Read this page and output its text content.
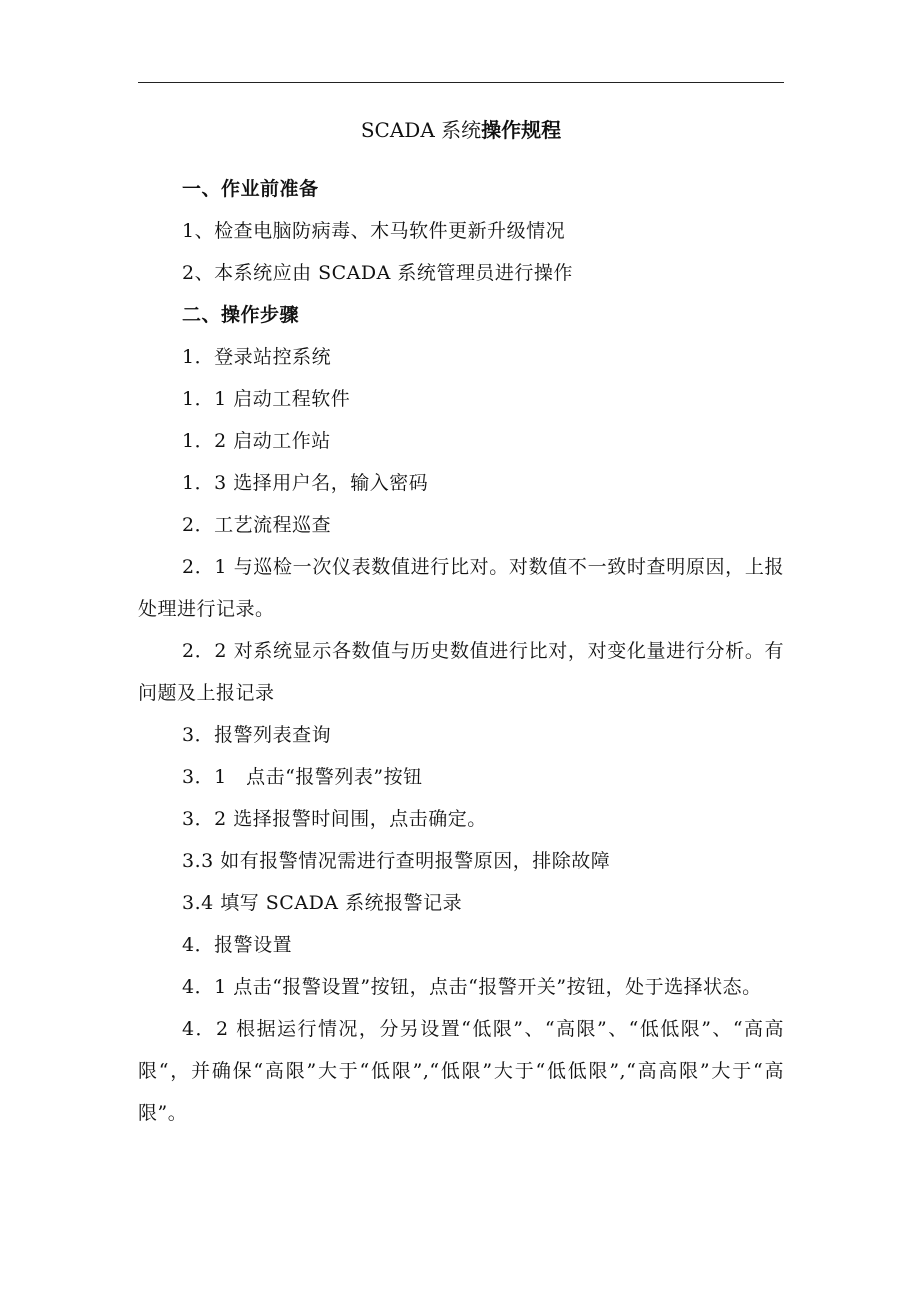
SCADA 系统操作规程
一、作业前准备
1、检查电脑防病毒、木马软件更新升级情况
2、本系统应由 SCADA 系统管理员进行操作
二、操作步骤
1．登录站控系统
1．1 启动工程软件
1．2 启动工作站
1．3 选择用户名，输入密码
2．工艺流程巡查
2．1 与巡检一次仪表数值进行比对。对数值不一致时查明原因，上报处理进行记录。
2．2 对系统显示各数值与历史数值进行比对，对变化量进行分析。有问题及上报记录
3．报警列表查询
3．1　点击“报警列表”按钮
3．2 选择报警时间围，点击确定。
3.3 如有报警情况需进行查明报警原因，排除故障
3.4 填写 SCADA 系统报警记录
4．报警设置
4．1 点击“报警设置”按钮，点击“报警开关”按钮，处于选择状态。
4．2 根据运行情况，分另设置“低限”、“高限”、“低低限”、“高高限“，并确保“高限”大于“低限”,“低限”大于“低低限”,“高高限”大于“高限”。
